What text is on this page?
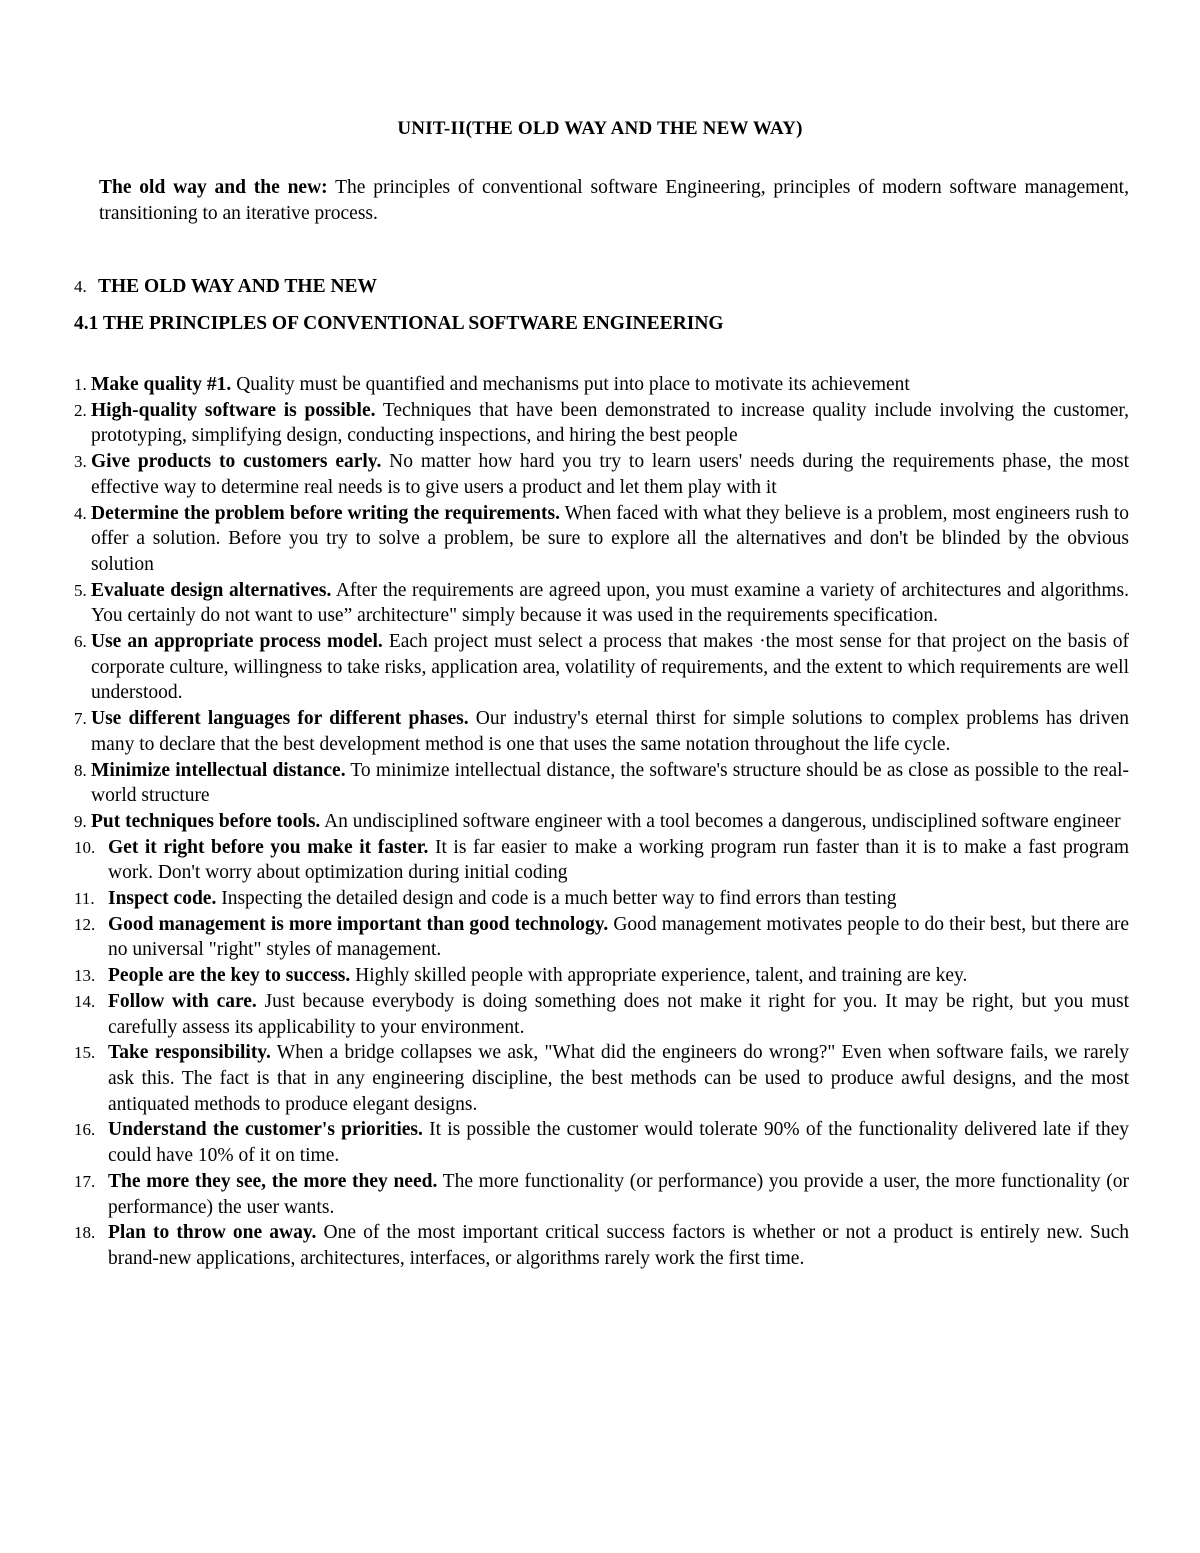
UNIT-II(THE OLD WAY AND THE NEW WAY)

The old way and the new: The principles of conventional software Engineering, principles of modern software management, transitioning to an iterative process.

4. THE OLD WAY AND THE NEW
4.1 THE PRINCIPLES OF CONVENTIONAL SOFTWARE ENGINEERING
1. Make quality #1. Quality must be quantified and mechanisms put into place to motivate its achievement
2. High-quality software is possible. Techniques that have been demonstrated to increase quality include involving the customer, prototyping, simplifying design, conducting inspections, and hiring the best people
3. Give products to customers early. No matter how hard you try to learn users' needs during the requirements phase, the most effective way to determine real needs is to give users a product and let them play with it
4. Determine the problem before writing the requirements. When faced with what they believe is a problem, most engineers rush to offer a solution. Before you try to solve a problem, be sure to explore all the alternatives and don't be blinded by the obvious solution
5. Evaluate design alternatives. After the requirements are agreed upon, you must examine a variety of architectures and algorithms. You certainly do not want to use” architecture" simply because it was used in the requirements specification.
6. Use an appropriate process model. Each project must select a process that makes ·the most sense for that project on the basis of corporate culture, willingness to take risks, application area, volatility of requirements, and the extent to which requirements are well understood.
7. Use different languages for different phases. Our industry's eternal thirst for simple solutions to complex problems has driven many to declare that the best development method is one that uses the same notation throughout the life cycle.
8. Minimize intellectual distance. To minimize intellectual distance, the software's structure should be as close as possible to the real-world structure
9. Put techniques before tools. An undisciplined software engineer with a tool becomes a dangerous, undisciplined software engineer
10. Get it right before you make it faster. It is far easier to make a working program run faster than it is to make a fast program work. Don't worry about optimization during initial coding
11. Inspect code. Inspecting the detailed design and code is a much better way to find errors than testing
12. Good management is more important than good technology. Good management motivates people to do their best, but there are no universal "right" styles of management.
13. People are the key to success. Highly skilled people with appropriate experience, talent, and training are key.
14. Follow with care. Just because everybody is doing something does not make it right for you. It may be right, but you must carefully assess its applicability to your environment.
15. Take responsibility. When a bridge collapses we ask, "What did the engineers do wrong?" Even when software fails, we rarely ask this. The fact is that in any engineering discipline, the best methods can be used to produce awful designs, and the most antiquated methods to produce elegant designs.
16. Understand the customer's priorities. It is possible the customer would tolerate 90% of the functionality delivered late if they could have 10% of it on time.
17. The more they see, the more they need. The more functionality (or performance) you provide a user, the more functionality (or performance) the user wants.
18. Plan to throw one away. One of the most important critical success factors is whether or not a product is entirely new. Such brand-new applications, architectures, interfaces, or algorithms rarely work the first time.
